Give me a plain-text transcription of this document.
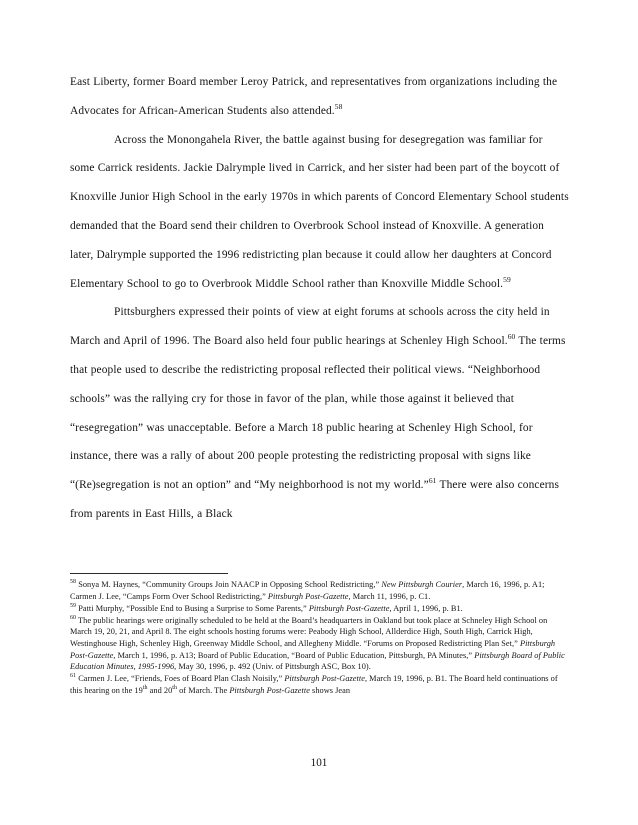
East Liberty, former Board member Leroy Patrick, and representatives from organizations including the Advocates for African-American Students also attended.$^{58}$

Across the Monongahela River, the battle against busing for desegregation was familiar for some Carrick residents. Jackie Dalrymple lived in Carrick, and her sister had been part of the boycott of Knoxville Junior High School in the early 1970s in which parents of Concord Elementary School students demanded that the Board send their children to Overbrook School instead of Knoxville. A generation later, Dalrymple supported the 1996 redistricting plan because it could allow her daughters at Concord Elementary School to go to Overbrook Middle School rather than Knoxville Middle School.$^{59}$

Pittsburghers expressed their points of view at eight forums at schools across the city held in March and April of 1996. The Board also held four public hearings at Schenley High School.$^{60}$ The terms that people used to describe the redistricting proposal reflected their political views. “Neighborhood schools” was the rallying cry for those in favor of the plan, while those against it believed that “resegregation” was unacceptable. Before a March 18 public hearing at Schenley High School, for instance, there was a rally of about 200 people protesting the redistricting proposal with signs like “(Re)segregation is not an option” and “My neighborhood is not my world.”$^{61}$ There were also concerns from parents in East Hills, a Black

$^{58}$ Sonya M. Haynes, “Community Groups Join NAACP in Opposing School Redistricting,” New Pittsburgh Courier, March 16, 1996, p. A1; Carmen J. Lee, “Camps Form Over School Redistricting,” Pittsburgh Post-Gazette, March 11, 1996, p. C1.
$^{59}$ Patti Murphy, “Possible End to Busing a Surprise to Some Parents,” Pittsburgh Post-Gazette, April 1, 1996, p. B1.
$^{60}$ The public hearings were originally scheduled to be held at the Board’s headquarters in Oakland but took place at Schneley High School on March 19, 20, 21, and April 8. The eight schools hosting forums were: Peabody High School, Allderdice High, South High, Carrick High, Westinghouse High, Schenley High, Greenway Middle School, and Allegheny Middle. “Forums on Proposed Redistricting Plan Set,” Pittsburgh Post-Gazette, March 1, 1996, p. A13; Board of Public Education, “Board of Public Education, Pittsburgh, PA Minutes,” Pittsburgh Board of Public Education Minutes, 1995-1996, May 30, 1996, p. 492 (Univ. of Pittsburgh ASC, Box 10).
$^{61}$ Carmen J. Lee, “Friends, Foes of Board Plan Clash Noisily,” Pittsburgh Post-Gazette, March 19, 1996, p. B1. The Board held continuations of this hearing on the 19th and 20th of March. The Pittsburgh Post-Gazette shows Jean
101
